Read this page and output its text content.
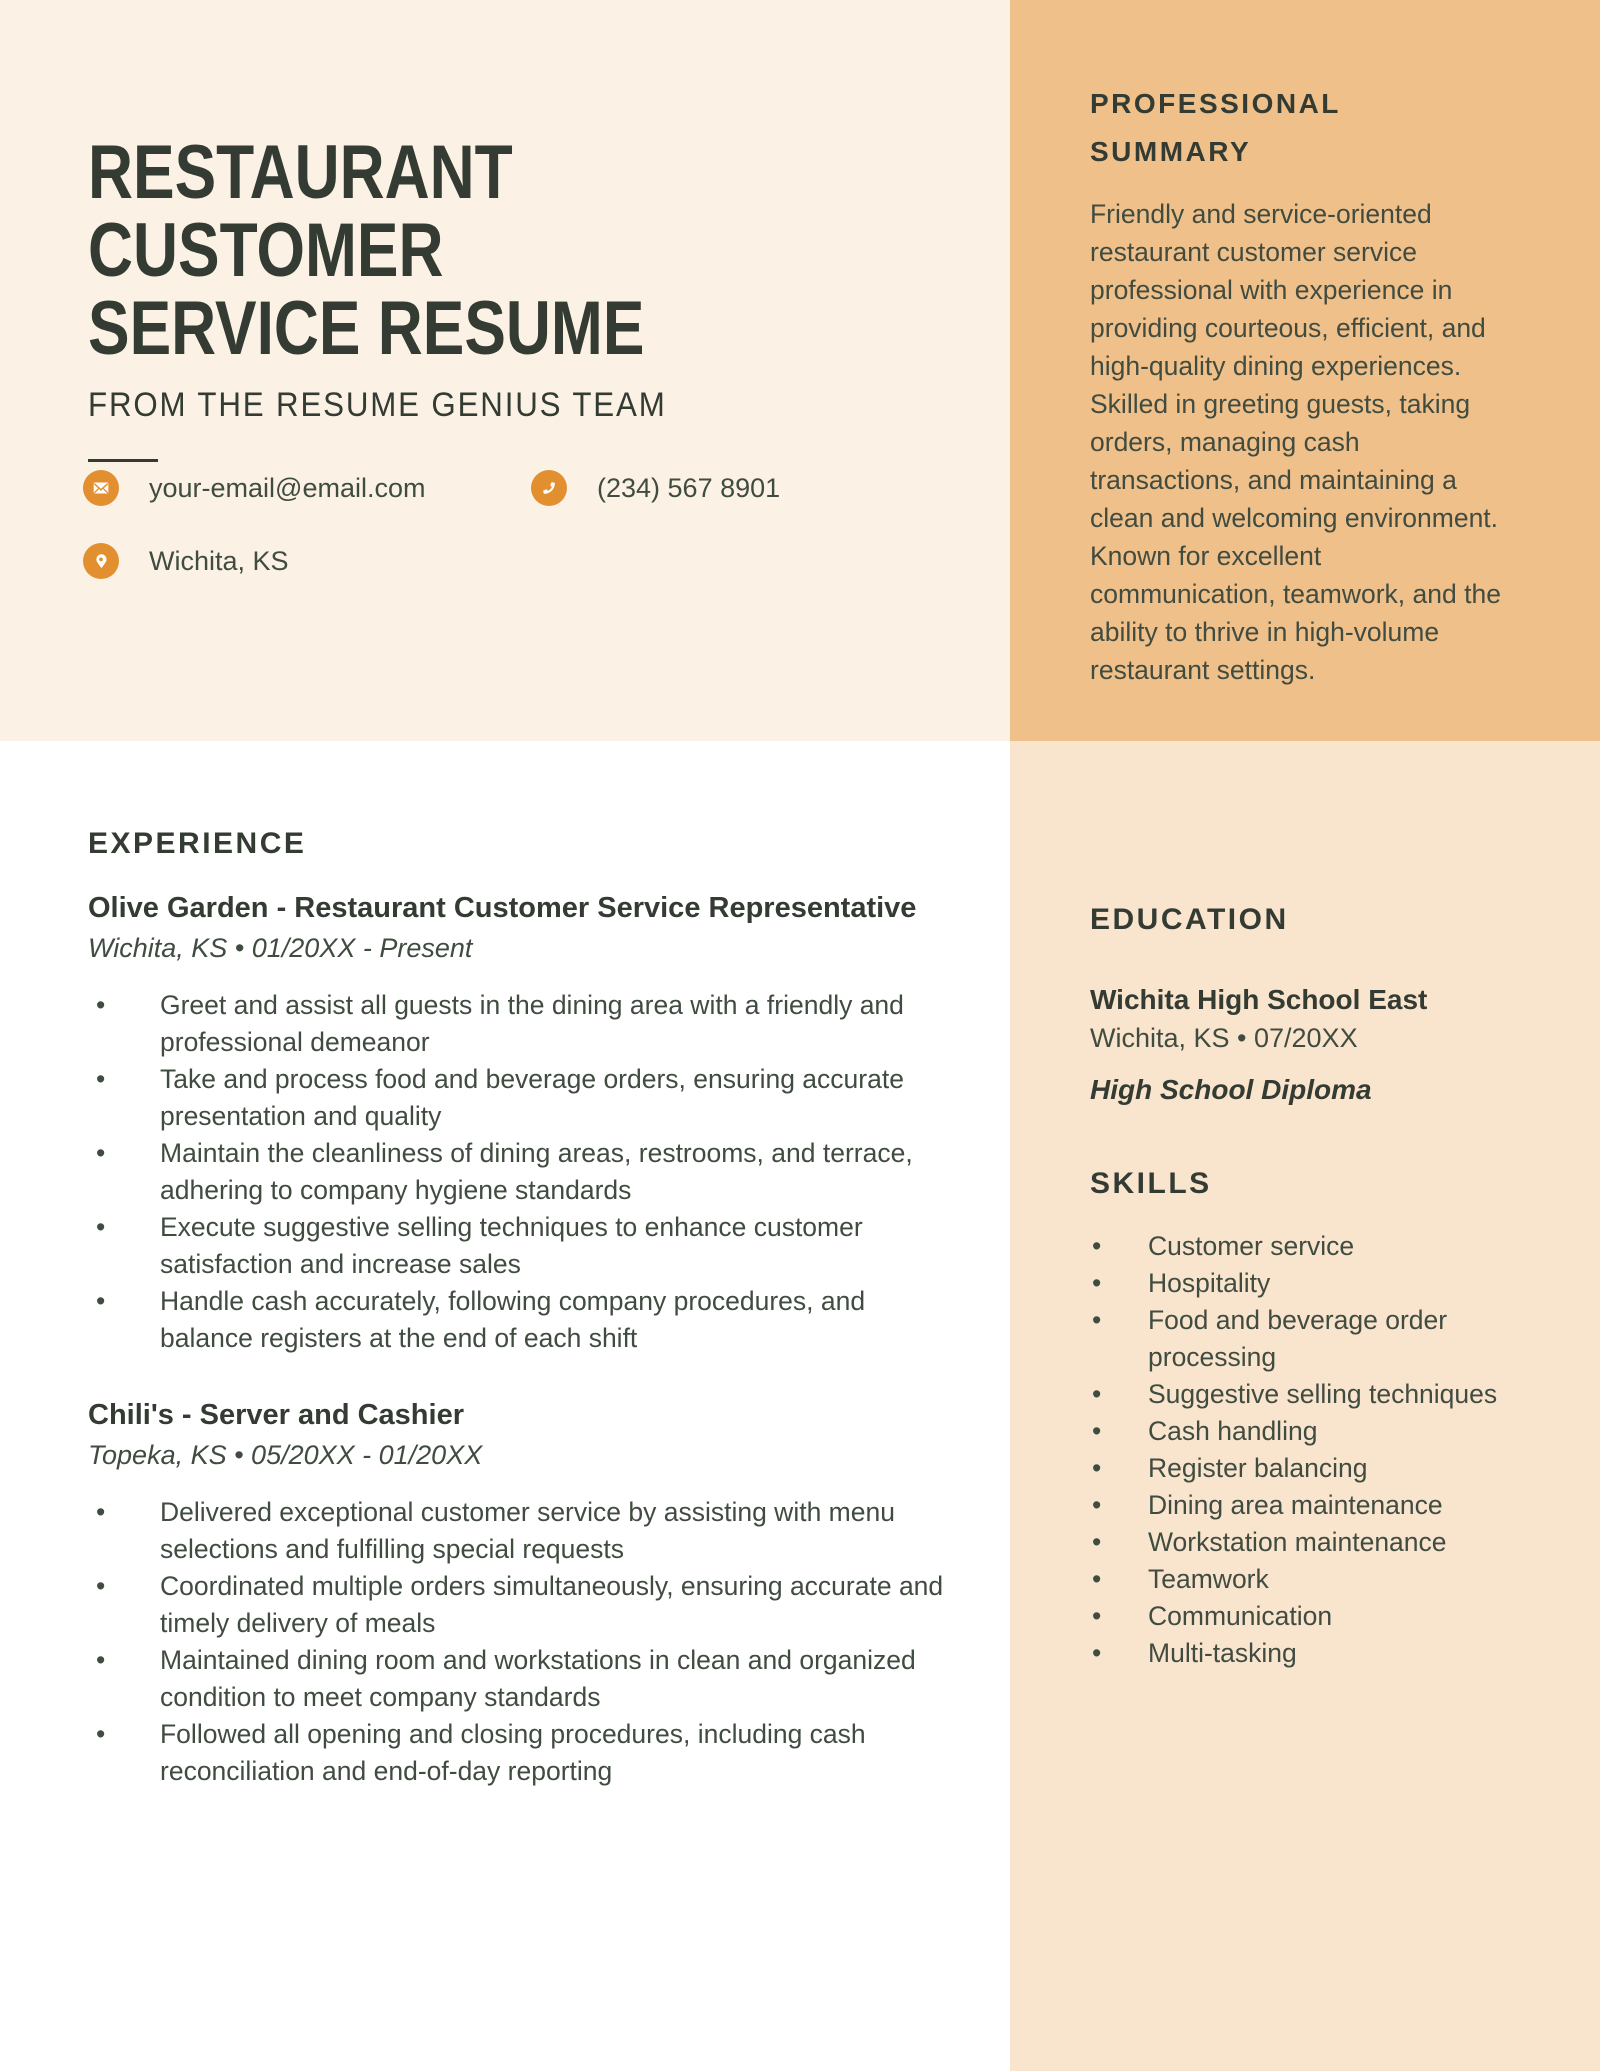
RESTAURANT
CUSTOMER
SERVICE RESUME
FROM THE RESUME GENIUS TEAM
your-email@email.com	(234) 567 8901
Wichita, KS
PROFESSIONAL SUMMARY

Friendly and service-oriented restaurant customer service professional with experience in providing courteous, efficient, and high-quality dining experiences. Skilled in greeting guests, taking orders, managing cash transactions, and maintaining a clean and welcoming environment. Known for excellent communication, teamwork, and the ability to thrive in high-volume restaurant settings.

EXPERIENCE
Olive Garden - Restaurant Customer Service Representative
Wichita, KS • 01/20XX - Present
• Greet and assist all guests in the dining area with a friendly and professional demeanor
• Take and process food and beverage orders, ensuring accurate presentation and quality
• Maintain the cleanliness of dining areas, restrooms, and terrace, adhering to company hygiene standards
• Execute suggestive selling techniques to enhance customer satisfaction and increase sales
• Handle cash accurately, following company procedures, and balance registers at the end of each shift
Chili's - Server and Cashier
Topeka, KS • 05/20XX - 01/20XX
• Delivered exceptional customer service by assisting with menu selections and fulfilling special requests
• Coordinated multiple orders simultaneously, ensuring accurate and timely delivery of meals
• Maintained dining room and workstations in clean and organized condition to meet company standards
• Followed all opening and closing procedures, including cash reconciliation and end-of-day reporting
EDUCATION
Wichita High School East
Wichita, KS • 07/20XX
High School Diploma
SKILLS
• Customer service
• Hospitality
• Food and beverage order processing
• Suggestive selling techniques
• Cash handling
• Register balancing
• Dining area maintenance
• Workstation maintenance
• Teamwork
• Communication
• Multi-tasking
